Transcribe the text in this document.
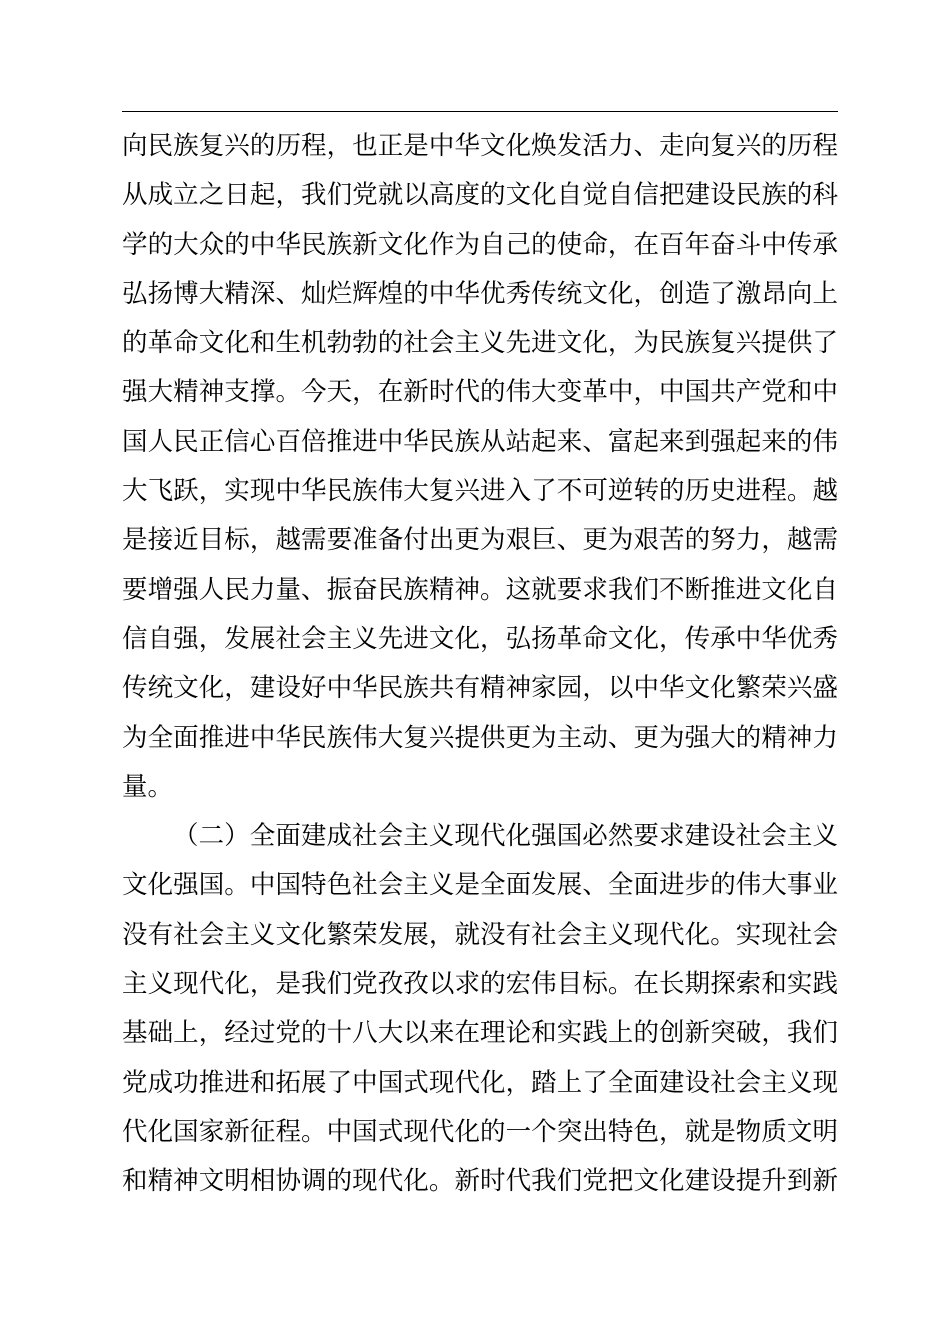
向民族复兴的历程，也正是中华文化焕发活力、走向复兴的历程
从成立之日起，我们党就以高度的文化自觉自信把建设民族的科
学的大众的中华民族新文化作为自己的使命，在百年奋斗中传承
弘扬博大精深、灿烂辉煌的中华优秀传统文化，创造了激昂向上
的革命文化和生机勃勃的社会主义先进文化，为民族复兴提供了
强大精神支撑。今天，在新时代的伟大变革中，中国共产党和中
国人民正信心百倍推进中华民族从站起来、富起来到强起来的伟
大飞跃，实现中华民族伟大复兴进入了不可逆转的历史进程。越
是接近目标，越需要准备付出更为艰巨、更为艰苦的努力，越需
要增强人民力量、振奋民族精神。这就要求我们不断推进文化自
信自强，发展社会主义先进文化，弘扬革命文化，传承中华优秀
传统文化，建设好中华民族共有精神家园，以中华文化繁荣兴盛
为全面推进中华民族伟大复兴提供更为主动、更为强大的精神力
量。
（二）全面建成社会主义现代化强国必然要求建设社会主义
文化强国。中国特色社会主义是全面发展、全面进步的伟大事业
没有社会主义文化繁荣发展，就没有社会主义现代化。实现社会
主义现代化，是我们党孜孜以求的宏伟目标。在长期探索和实践
基础上，经过党的十八大以来在理论和实践上的创新突破，我们
党成功推进和拓展了中国式现代化，踏上了全面建设社会主义现
代化国家新征程。中国式现代化的一个突出特色，就是物质文明
和精神文明相协调的现代化。新时代我们党把文化建设提升到新
